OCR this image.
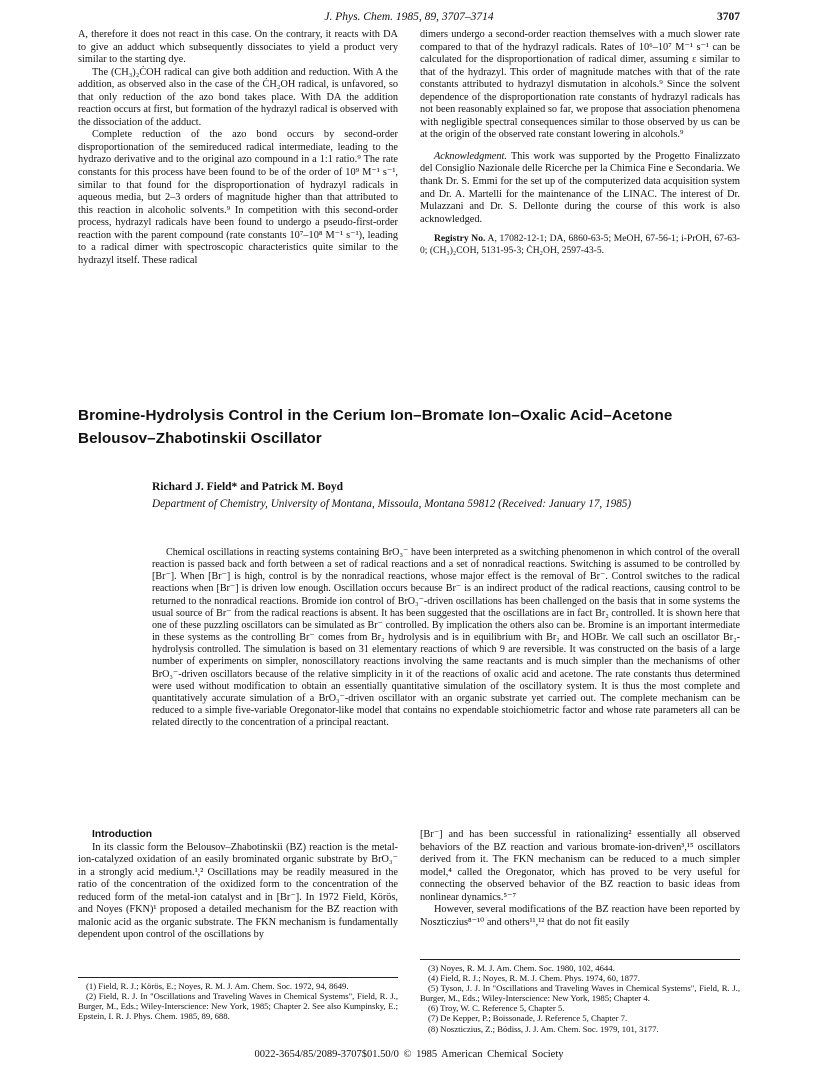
J. Phys. Chem. 1985, 89, 3707–3714	3707

A, therefore it does not react in this case. On the contrary, it reacts with DA to give an adduct which subsequently dissociates to yield a product very similar to the starting dye.

The (CH₃)₂ĊOH radical can give both addition and reduction. With A the addition, as observed also in the case of the ĊH₂OH radical, is unfavored, so that only reduction of the azo bond takes place. With DA the addition reaction occurs at first, but formation of the hydrazyl radical is observed with the dissociation of the adduct.

Complete reduction of the azo bond occurs by second-order disproportionation of the semireduced radical intermediate, leading to the hydrazo derivative and to the original azo compound in a 1:1 ratio.⁹ The rate constants for this process have been found to be of the order of 10⁹ M⁻¹ s⁻¹, similar to that found for the disproportionation of hydrazyl radicals in aqueous media, but 2–3 orders of magnitude higher than that attributed to this reaction in alcoholic solvents.⁹ In competition with this second-order process, hydrazyl radicals have been found to undergo a pseudo-first-order reaction with the parent compound (rate constants 10⁷–10⁸ M⁻¹ s⁻¹), leading to a radical dimer with spectroscopic characteristics quite similar to the hydrazyl itself. These radical

dimers undergo a second-order reaction themselves with a much slower rate compared to that of the hydrazyl radicals. Rates of 10⁶–10⁷ M⁻¹ s⁻¹ can be calculated for the disproportionation of radical dimer, assuming ε similar to that of the hydrazyl. This order of magnitude matches with that of the rate constants attributed to hydrazyl dismutation in alcohols.⁹ Since the solvent dependence of the disproportionation rate constants of hydrazyl radicals has not been reasonably explained so far, we propose that association phenomena with negligible spectral consequences similar to those observed by us can be at the origin of the observed rate constant lowering in alcohols.⁹

Acknowledgment. This work was supported by the Progetto Finalizzato del Consiglio Nazionale delle Ricerche per la Chimica Fine e Secondaria. We thank Dr. S. Emmi for the set up of the computerized data acquisition system and Dr. A. Martelli for the maintenance of the LINAC. The interest of Dr. Mulazzani and Dr. S. Dellonte during the course of this work is also acknowledged.

Registry No. A, 17082-12-1; DA, 6860-63-5; MeOH, 67-56-1; i-PrOH, 67-63-0; (CH₃)₂COH, 5131-95-3; ĊH₂OH, 2597-43-5.

Bromine-Hydrolysis Control in the Cerium Ion–Bromate Ion–Oxalic Acid–Acetone Belousov–Zhabotinskii Oscillator
Richard J. Field* and Patrick M. Boyd
Department of Chemistry, University of Montana, Missoula, Montana 59812 (Received: January 17, 1985)

Chemical oscillations in reacting systems containing BrO₃⁻ have been interpreted as a switching phenomenon in which control of the overall reaction is passed back and forth between a set of radical reactions and a set of nonradical reactions. Switching is assumed to be controlled by [Br⁻]. When [Br⁻] is high, control is by the nonradical reactions, whose major effect is the removal of Br⁻. Control switches to the radical reactions when [Br⁻] is driven low enough. Oscillation occurs because Br⁻ is an indirect product of the radical reactions, causing control to be returned to the nonradical reactions. Bromide ion control of BrO₃⁻-driven oscillations has been challenged on the basis that in some systems the usual source of Br⁻ from the radical reactions is absent. It has been suggested that the oscillations are in fact Br₂ controlled. It is shown here that one of these puzzling oscillators can be simulated as Br⁻ controlled. By implication the others also can be. Bromine is an important intermediate in these systems as the controlling Br⁻ comes from Br₂ hydrolysis and is in equilibrium with Br₂ and HOBr. We call such an oscillator Br₂-hydrolysis controlled. The simulation is based on 31 elementary reactions of which 9 are reversible. It was constructed on the basis of a large number of experiments on simpler, nonoscillatory reactions involving the same reactants and is much simpler than the mechanisms of other BrO₃⁻-driven oscillators because of the relative simplicity in it of the reactions of oxalic acid and acetone. The rate constants thus determined were used without modification to obtain an essentially quantitative simulation of the oscillatory system. It is thus the most complete and quantitatively accurate simulation of a BrO₃⁻-driven oscillator with an organic substrate yet carried out. The complete mechanism can be reduced to a simple five-variable Oregonator-like model that contains no expendable stoichiometric factor and whose rate parameters all can be related directly to the concentration of a principal reactant.

Introduction

In its classic form the Belousov–Zhabotinskii (BZ) reaction is the metal-ion-catalyzed oxidation of an easily brominated organic substrate by BrO₃⁻ in a strongly acid medium.¹,² Oscillations may be readily measured in the ratio of the concentration of the oxidized form to the concentration of the reduced form of the metal-ion catalyst and in [Br⁻]. In 1972 Field, Körös, and Noyes (FKN)¹ proposed a detailed mechanism for the BZ reaction with malonic acid as the organic substrate. The FKN mechanism is fundamentally dependent upon control of the oscillations by

[Br⁻] and has been successful in rationalizing² essentially all observed behaviors of the BZ reaction and various bromate-ion-driven³,¹⁵ oscillators derived from it. The FKN mechanism can be reduced to a much simpler model,⁴ called the Oregonator, which has proved to be very useful for connecting the observed behavior of the BZ reaction to basic ideas from nonlinear dynamics.⁵⁻⁷

However, several modifications of the BZ reaction have been reported by Noszticzius⁸⁻¹⁰ and others¹¹,¹² that do not fit easily

(1) Field, R. J.; Körös, E.; Noyes, R. M. J. Am. Chem. Soc. 1972, 94, 8649.
(2) Field, R. J. In "Oscillations and Traveling Waves in Chemical Systems", Field, R. J., Burger, M., Eds.; Wiley-Interscience: New York, 1985; Chapter 2. See also Kumpinsky, E.; Epstein, I. R. J. Phys. Chem. 1985, 89, 688.
(3) Noyes, R. M. J. Am. Chem. Soc. 1980, 102, 4644.
(4) Field, R. J.; Noyes, R. M. J. Chem. Phys. 1974, 60, 1877.
(5) Tyson, J. J. In "Oscillations and Traveling Waves in Chemical Systems", Field, R. J., Burger, M., Eds.; Wiley-Interscience: New York, 1985; Chapter 4.
(6) Troy, W. C. Reference 5, Chapter 5.
(7) De Kepper, P.; Boissonade, J. Reference 5, Chapter 7.
(8) Noszticzius, Z.; Bódiss, J. J. Am. Chem. Soc. 1979, 101, 3177.
0022-3654/85/2089-3707$01.50/0 © 1985 American Chemical Society
